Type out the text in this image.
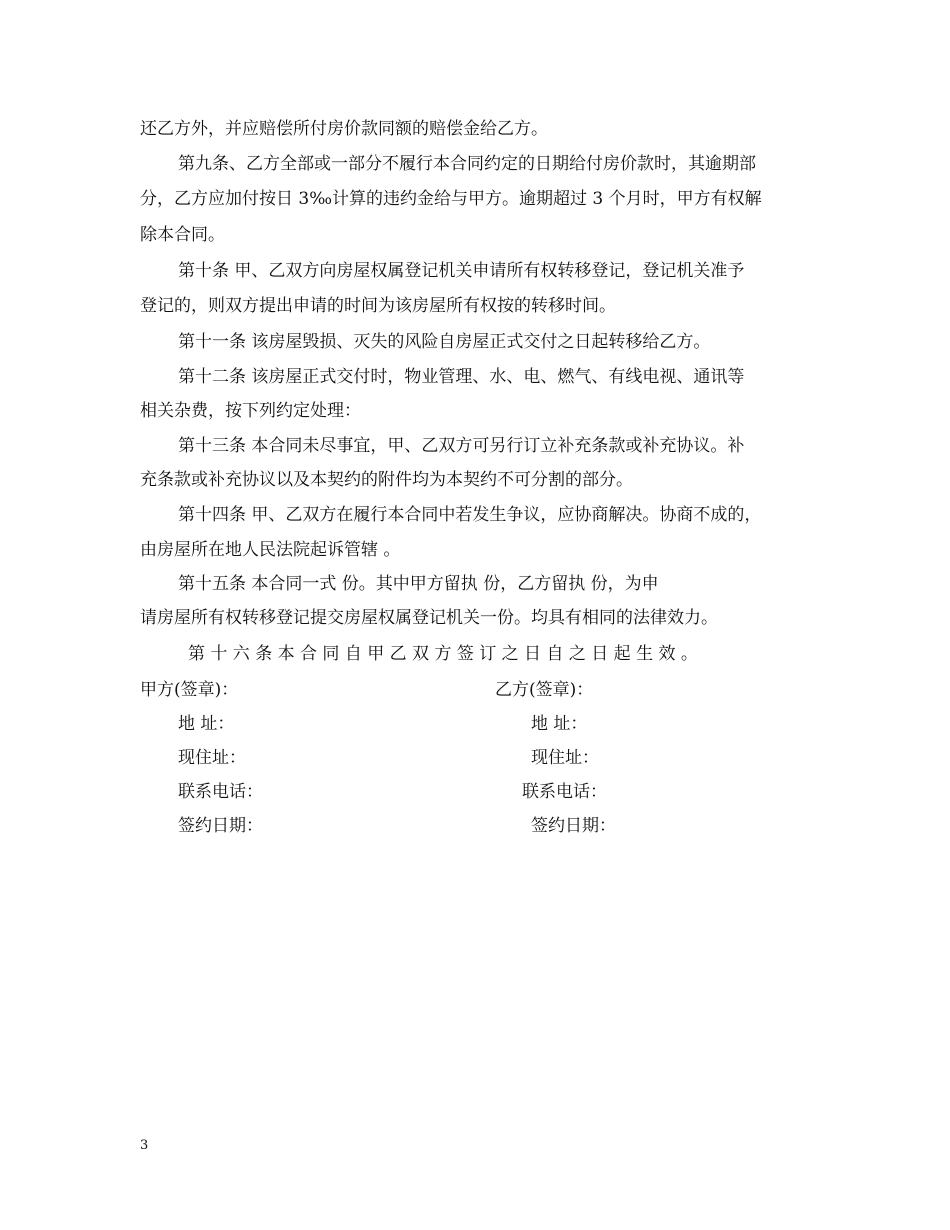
还乙方外，并应赔偿所付房价款同额的赔偿金给乙方。
第九条、乙方全部或一部分不履行本合同约定的日期给付房价款时，其逾期部
分，乙方应加付按日 3‰计算的违约金给与甲方。逾期超过 3 个月时，甲方有权解
除本合同。
第十条 甲、乙双方向房屋权属登记机关申请所有权转移登记，登记机关准予
登记的，则双方提出申请的时间为该房屋所有权按的转移时间。
第十一条 该房屋毁损、灭失的风险自房屋正式交付之日起转移给乙方。
第十二条 该房屋正式交付时，物业管理、水、电、燃气、有线电视、通讯等
相关杂费，按下列约定处理：
第十三条 本合同未尽事宜，甲、乙双方可另行订立补充条款或补充协议。补
充条款或补充协议以及本契约的附件均为本契约不可分割的部分。
第十四条 甲、乙双方在履行本合同中若发生争议，应协商解决。协商不成的，
由房屋所在地人民法院起诉管辖 。
第十五条 本合同一式 份。其中甲方留执 份，乙方留执 份，为申
请房屋所有权转移登记提交房屋权属登记机关一份。均具有相同的法律效力。
第 十 六 条 本 合 同 自 甲 乙 双 方 签 订 之 日 自 之 日 起 生 效 。
甲方(签章)：	乙方(签章)：
地 址：	地 址：
现住址：	现住址：
联系电话：	联系电话：
签约日期：	签约日期：
3
